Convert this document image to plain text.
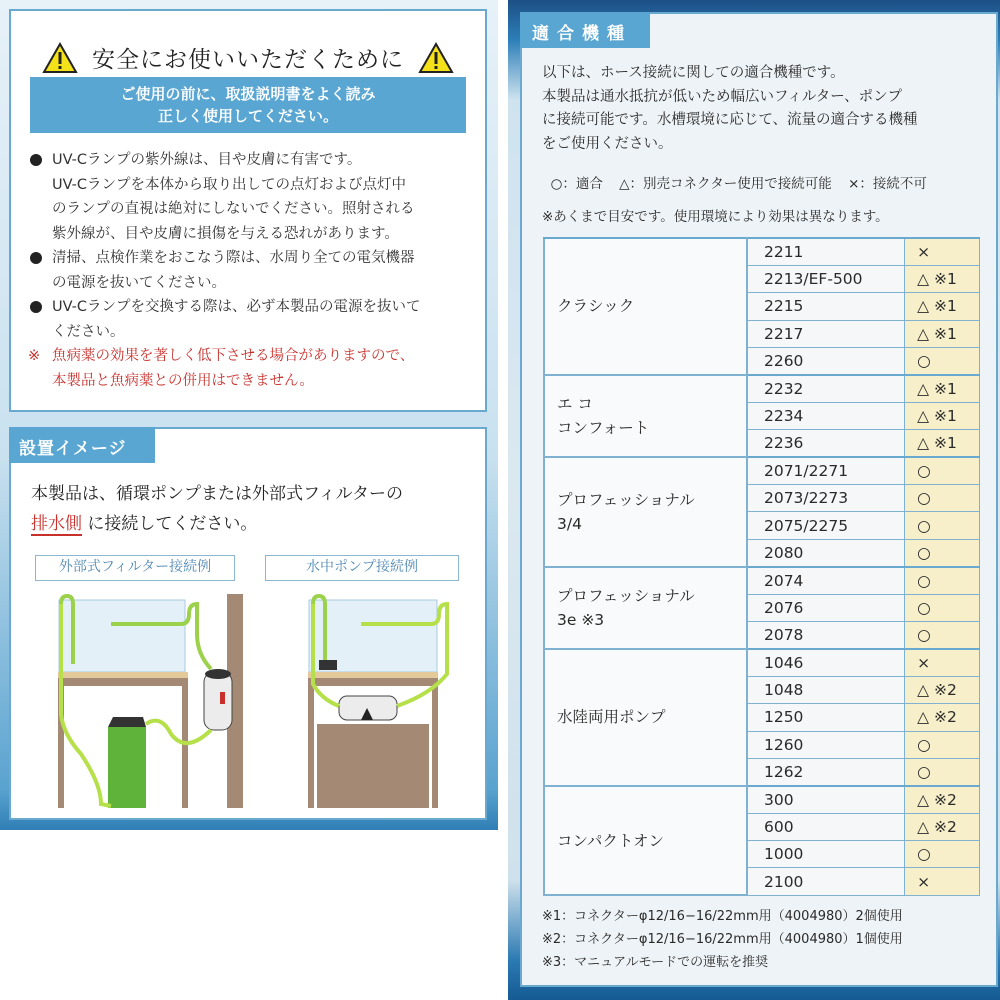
安全にお使いいただくために
ご使用の前に、取扱説明書をよく読み
正しく使用してください。
UV-Cランプの紫外線は、目や皮膚に有害です。
UV-Cランプを本体から取り出しての点灯および点灯中
のランプの直視は絶対にしないでください。照射される
紫外線が、目や皮膚に損傷を与える恐れがあります。
清掃、点検作業をおこなう際は、水周り全ての電気機器
の電源を抜いてください。
UV-Cランプを交換する際は、必ず本製品の電源を抜いて
ください。
※ 魚病薬の効果を著しく低下させる場合がありますので、
本製品と魚病薬との併用はできません。
設置イメージ
本製品は、循環ポンプまたは外部式フィルターの
排水側 に接続してください。
外部式フィルター接続例	水中ポンプ接続例
適合機種
以下は、ホース接続に関しての適合機種です。
本製品は通水抵抗が低いため幅広いフィルター、ポンプ
に接続可能です。水槽環境に応じて、流量の適合する機種
をご使用ください。
○：適合 △：別売コネクター使用で接続可能 ×：接続不可
※あくまで目安です。使用環境により効果は異なります。
クラシック	2211	×
	2213/EF-500	△ ※1
	2215	△ ※1
	2217	△ ※1
	2260	○

エ コ
コンフォート	2232	△ ※1
	2234	△ ※1
	2236	△ ※1

プロフェッショナル
3/4	2071/2271	○
	2073/2273	○
	2075/2275	○
	2080	○

プロフェッショナル
3e ※3	2074	○
	2076	○
	2078	○

水陸両用ポンプ	1046	×
	1048	△ ※2
	1250	△ ※2
	1260	○
	1262	○

コンパクトオン	300	△ ※2
	600	△ ※2
	1000	○
	2100	×
※1：コネクターφ12/16−16/22mm用（4004980）2個使用
※2：コネクターφ12/16−16/22mm用（4004980）1個使用
※3：マニュアルモードでの運転を推奨
